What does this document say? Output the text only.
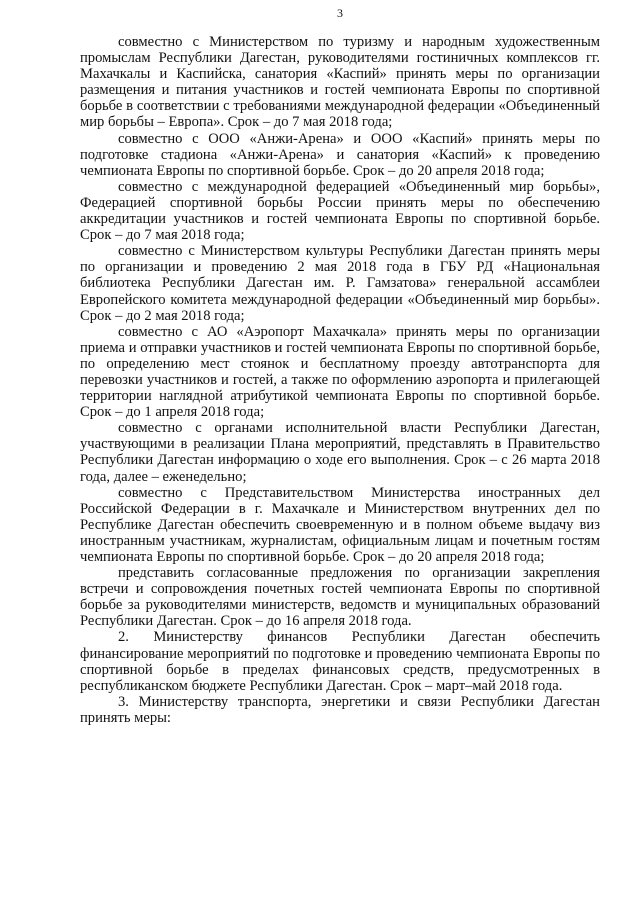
3

совместно с Министерством по туризму и народным художественным промыслам Республики Дагестан, руководителями гостиничных комплексов гг. Махачкалы и Каспийска, санатория «Каспий» принять меры по организации размещения и питания участников и гостей чемпионата Европы по спортивной борьбе в соответствии с требованиями международной федерации «Объединенный мир борьбы – Европа». Срок – до 7 мая 2018 года;

совместно с ООО «Анжи-Арена» и ООО «Каспий» принять меры по подготовке стадиона «Анжи-Арена» и санатория «Каспий» к проведению чемпионата Европы по спортивной борьбе. Срок – до 20 апреля 2018 года;

совместно с международной федерацией «Объединенный мир борьбы», Федерацией спортивной борьбы России принять меры по обеспечению аккредитации участников и гостей чемпионата Европы по спортивной борьбе. Срок – до 7 мая 2018 года;

совместно с Министерством культуры Республики Дагестан принять меры по организации и проведению 2 мая 2018 года в ГБУ РД «Национальная библиотека Республики Дагестан им. Р. Гамзатова» генеральной ассамблеи Европейского комитета международной федерации «Объединенный мир борьбы». Срок – до 2 мая 2018 года;

совместно с АО «Аэропорт Махачкала» принять меры по организации приема и отправки участников и гостей чемпионата Европы по спортивной борьбе, по определению мест стоянок и бесплатному проезду автотранспорта для перевозки участников и гостей, а также по оформлению аэропорта и прилегающей территории наглядной атрибутикой чемпионата Европы по спортивной борьбе. Срок – до 1 апреля 2018 года;

совместно с органами исполнительной власти Республики Дагестан, участвующими в реализации Плана мероприятий, представлять в Правительство Республики Дагестан информацию о ходе его выполнения. Срок – с 26 марта 2018 года, далее – еженедельно;

совместно с Представительством Министерства иностранных дел Российской Федерации в г. Махачкале и Министерством внутренних дел по Республике Дагестан обеспечить своевременную и в полном объеме выдачу виз иностранным участникам, журналистам, официальным лицам и почетным гостям чемпионата Европы по спортивной борьбе. Срок – до 20 апреля 2018 года;

представить согласованные предложения по организации закрепления встречи и сопровождения почетных гостей чемпионата Европы по спортивной борьбе за руководителями министерств, ведомств и муниципальных образований Республики Дагестан. Срок – до 16 апреля 2018 года.

2. Министерству финансов Республики Дагестан обеспечить финансирование мероприятий по подготовке и проведению чемпионата Европы по спортивной борьбе в пределах финансовых средств, предусмотренных в республиканском бюджете Республики Дагестан. Срок – март–май 2018 года.

3. Министерству транспорта, энергетики и связи Республики Дагестан принять меры:
